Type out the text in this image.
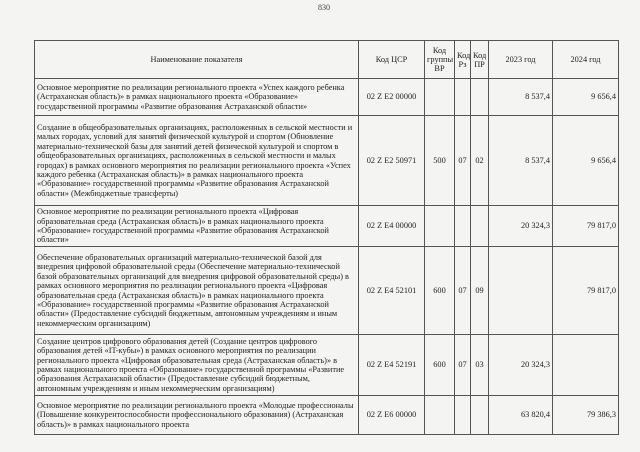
830
Наименование показателя	Код ЦСР	Код группы ВР	Код Рз	Код ПР	2023 год	2024 год
Основное мероприятие по реализации регионального проекта «Успех каждого ребенка (Астраханская область)» в рамках национального проекта «Образование» государственной программы «Развитие образования Астраханской области»	02 Z E2 00000				8 537,4	9 656,4
Создание в общеобразовательных организациях, расположенных в сельской местности и малых городах, условий для занятий физической культурой и спортом (Обновление материально-технической базы для занятий детей физической культурой и спортом в общеобразовательных организациях, расположенных в сельской местности и малых городах) в рамках основного мероприятия по реализации регионального проекта «Успех каждого ребенка (Астраханская область)» в рамках национального проекта «Образование» государственной программы «Развитие образования Астраханской области» (Межбюджетные трансферты)	02 Z E2 50971	500	07	02	8 537,4	9 656,4
Основное мероприятие по реализации регионального проекта «Цифровая образовательная среда (Астраханская область)» в рамках национального проекта «Образование» государственной программы «Развитие образования Астраханской области»	02 Z E4 00000				20 324,3	79 817,0
Обеспечение образовательных организаций материально-технической базой для внедрения цифровой образовательной среды (Обеспечение материально-технической базой образовательных организаций для внедрения цифровой образовательной среды) в рамках основного мероприятия по реализации регионального проекта «Цифровая образовательная среда (Астраханская область)» в рамках национального проекта «Образование» государственной программы «Развитие образования Астраханской области» (Предоставление субсидий бюджетным, автономным учреждениям и иным некоммерческим организациям)	02 Z E4 52101	600	07	09		79 817,0
Создание центров цифрового образования детей (Создание центров цифрового образования детей «IT-кубы») в рамках основного мероприятия по реализации регионального проекта «Цифровая образовательная среда (Астраханская область)» в рамках национального проекта «Образование» государственной программы «Развитие образования Астраханской области» (Предоставление субсидий бюджетным, автономным учреждениям и иным некоммерческим организациям)	02 Z E4 52191	600	07	03	20 324,3	
Основное мероприятие по реализации регионального проекта «Молодые профессионалы (Повышение конкурентоспособности профессионального образования) (Астраханская область)» в рамках национального проекта	02 Z E6 00000				63 820,4	79 386,3
